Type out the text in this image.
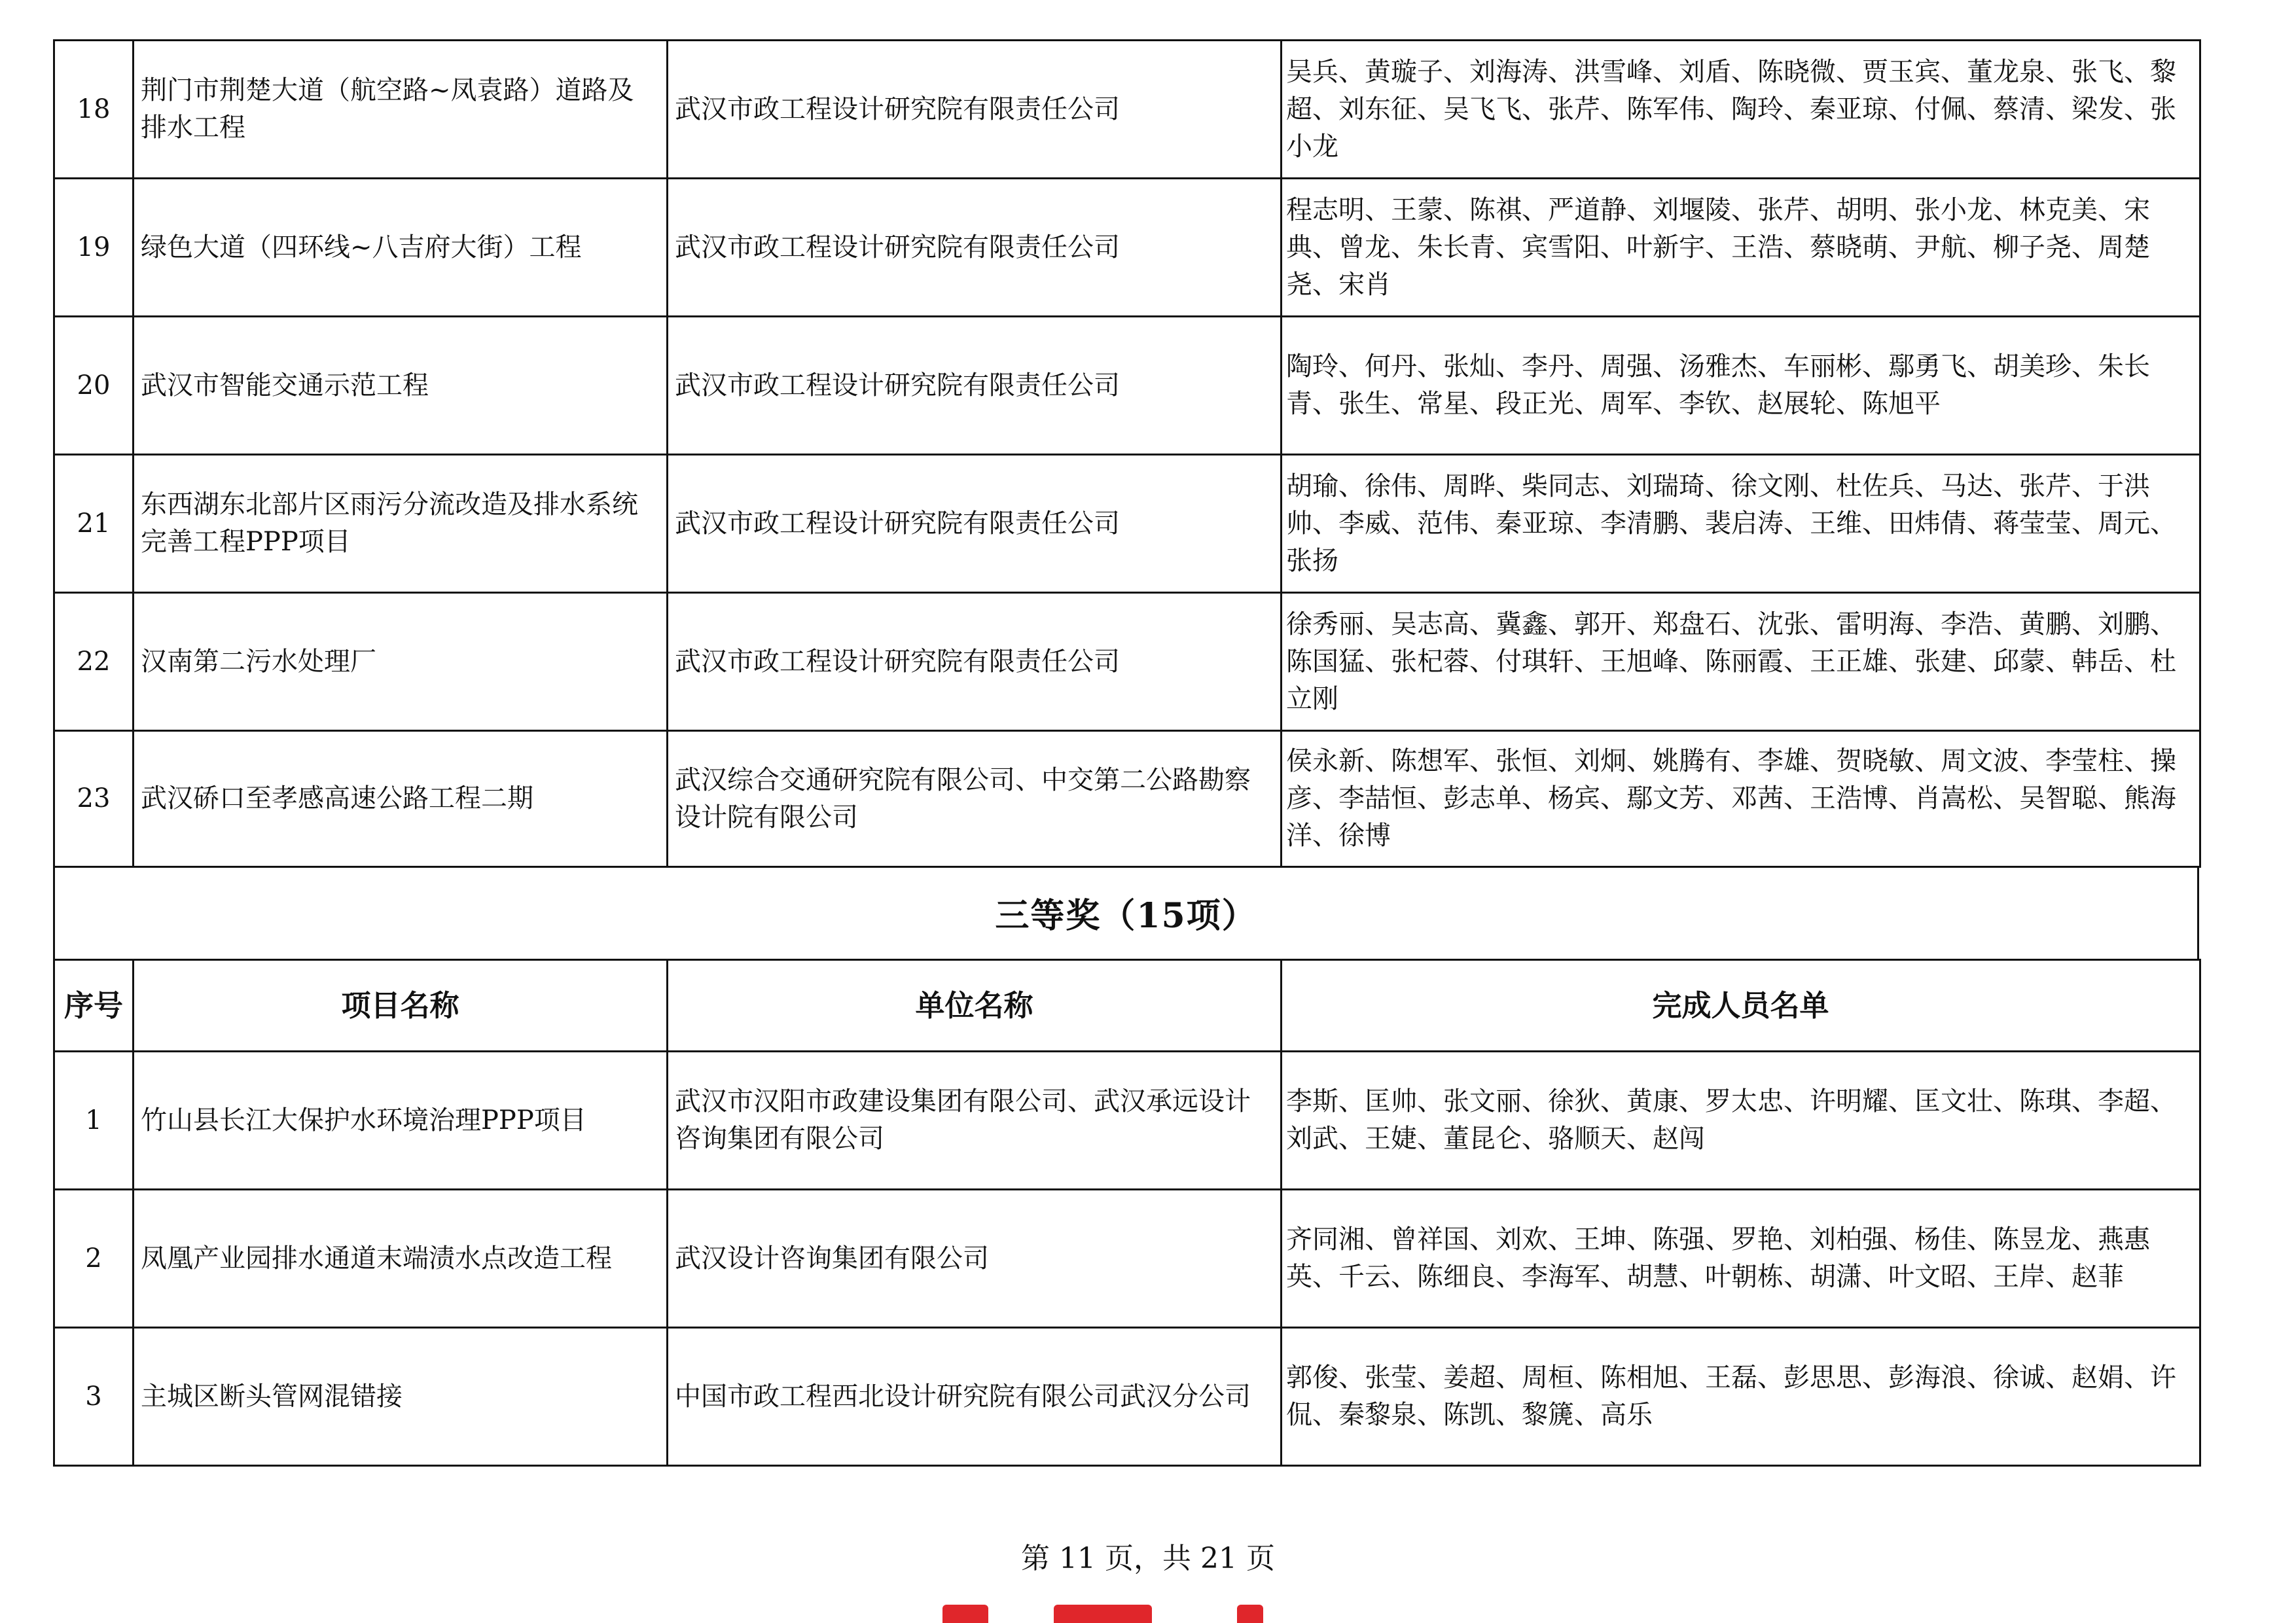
18	荆门市荆楚大道（航空路~凤袁路）道路及排水工程	武汉市政工程设计研究院有限责任公司	吴兵、黄璇子、刘海涛、洪雪峰、刘盾、陈晓微、贾玉宾、董龙泉、张飞、黎超、刘东征、吴飞飞、张芹、陈军伟、陶玲、秦亚琼、付佩、蔡清、梁发、张小龙
19	绿色大道（四环线~八吉府大街）工程	武汉市政工程设计研究院有限责任公司	程志明、王蒙、陈祺、严道静、刘堰陵、张芹、胡明、张小龙、林克美、宋典、曾龙、朱长青、宾雪阳、叶新宇、王浩、蔡晓萌、尹航、柳子尧、周楚尧、宋肖
20	武汉市智能交通示范工程	武汉市政工程设计研究院有限责任公司	陶玲、何丹、张灿、李丹、周强、汤雅杰、车丽彬、鄢勇飞、胡美珍、朱长青、张生、常星、段正光、周军、李钦、赵展轮、陈旭平
21	东西湖东北部片区雨污分流改造及排水系统完善工程PPP项目	武汉市政工程设计研究院有限责任公司	胡瑜、徐伟、周晔、柴同志、刘瑞琦、徐文刚、杜佐兵、马达、张芹、于洪帅、李威、范伟、秦亚琼、李清鹏、裴启涛、王维、田炜倩、蒋莹莹、周元、张扬
22	汉南第二污水处理厂	武汉市政工程设计研究院有限责任公司	徐秀丽、吴志高、冀鑫、郭开、郑盘石、沈张、雷明海、李浩、黄鹏、刘鹏、陈国猛、张杞蓉、付琪轩、王旭峰、陈丽霞、王正雄、张建、邱蒙、韩岳、杜立刚
23	武汉硚口至孝感高速公路工程二期	武汉综合交通研究院有限公司、中交第二公路勘察设计院有限公司	侯永新、陈想军、张恒、刘炯、姚腾有、李雄、贺晓敏、周文波、李莹柱、操彦、李喆恒、彭志单、杨宾、鄢文芳、邓茜、王浩博、肖嵩松、吴智聪、熊海洋、徐博
三等奖（15项）
序号	项目名称	单位名称	完成人员名单
1	竹山县长江大保护水环境治理PPP项目	武汉市汉阳市政建设集团有限公司、武汉承远设计咨询集团有限公司	李斯、匡帅、张文丽、徐狄、黄康、罗太忠、许明耀、匡文壮、陈琪、李超、刘武、王婕、董昆仑、骆顺天、赵闯
2	凤凰产业园排水通道末端渍水点改造工程	武汉设计咨询集团有限公司	齐同湘、曾祥国、刘欢、王坤、陈强、罗艳、刘柏强、杨佳、陈昱龙、燕惠英、千云、陈细良、李海军、胡慧、叶朝栋、胡潇、叶文昭、王岸、赵菲
3	主城区断头管网混错接	中国市政工程西北设计研究院有限公司武汉分公司	郭俊、张莹、姜超、周桓、陈相旭、王磊、彭思思、彭海浪、徐诚、赵娟、许侃、秦黎泉、陈凯、黎篪、高乐
第 11 页，共 21 页
